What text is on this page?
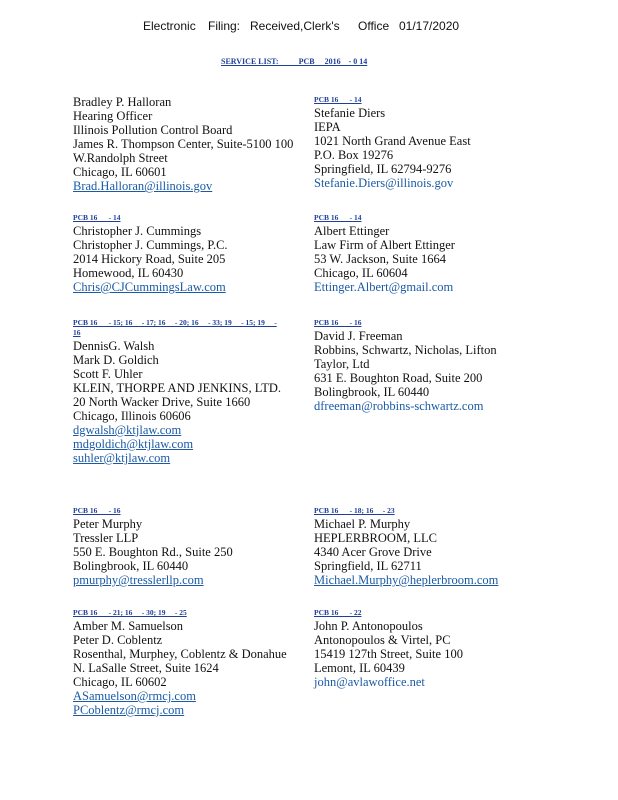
Electronic Filing: Received,Clerk's Office 01/17/2020
SERVICE LIST:          PCB     2016    - 0 14
Bradley P. Halloran
Hearing Officer
Illinois Pollution Control Board
James R. Thompson Center, Suite-5100 100
W.Randolph Street
Chicago, IL 60601
Brad.Halloran@illinois.gov
PCB 16      - 14
Stefanie Diers
IEPA
1021 North Grand Avenue East
P.O. Box 19276
Springfield, IL 62794-9276
Stefanie.Diers@illinois.gov
PCB 16      - 14
Christopher J. Cummings
Christopher J. Cummings, P.C.
2014 Hickory Road, Suite 205
Homewood, IL 60430
Chris@CJCummingsLaw.com
PCB 16      - 14
Albert Ettinger
Law Firm of Albert Ettinger
53 W. Jackson, Suite 1664
Chicago, IL 60604
Ettinger.Albert@gmail.com
PCB 16      - 15; 16     - 17; 16     - 20; 16     - 33; 19     - 15; 19     -
16
DennisG. Walsh
Mark D. Goldich
Scott F. Uhler
KLEIN, THORPE AND JENKINS, LTD.
20 North Wacker Drive, Suite 1660
Chicago, Illinois 60606
dgwalsh@ktjlaw.com
mdgoldich@ktjlaw.com
suhler@ktjlaw.com
PCB 16      - 16
David J. Freeman
Robbins, Schwartz, Nicholas, Lifton
Taylor, Ltd
631 E. Boughton Road, Suite 200
Bolingbrook, IL 60440
dfreeman@robbins-schwartz.com
PCB 16      - 16
Peter Murphy
Tressler LLP
550 E. Boughton Rd., Suite 250
Bolingbrook, IL 60440
pmurphy@tresslerllp.com
PCB 16      - 18; 16     - 23
Michael P. Murphy
HEPLERBROOM, LLC
4340 Acer Grove Drive
Springfield, IL 62711
Michael.Murphy@heplerbroom.com
PCB 16      - 21; 16     - 30; 19     - 25
Amber M. Samuelson
Peter D. Coblentz
Rosenthal, Murphey, Coblentz & Donahue
N. LaSalle Street, Suite 1624
Chicago, IL 60602
ASamuelson@rmcj.com
PCoblentz@rmcj.com
PCB 16      - 22
John P. Antonopoulos
Antonopoulos & Virtel, PC
15419 127th Street, Suite 100
Lemont, IL 60439
john@avlawoffice.net
